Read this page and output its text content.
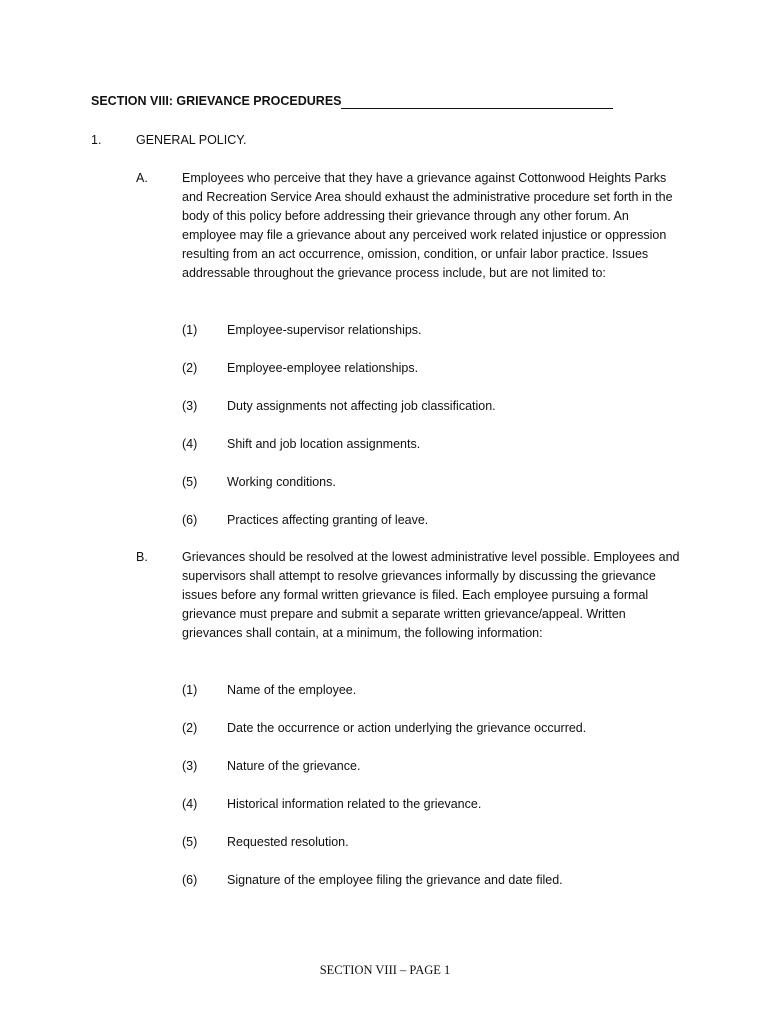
SECTION VIII: GRIEVANCE PROCEDURES
1.	GENERAL POLICY.
A.	Employees who perceive that they have a grievance against Cottonwood Heights Parks and Recreation Service Area should exhaust the administrative procedure set forth in the body of this policy before addressing their grievance through any other forum. An employee may file a grievance about any perceived work related injustice or oppression resulting from an act occurrence, omission, condition, or unfair labor practice. Issues addressable throughout the grievance process include, but are not limited to:
(1) Employee-supervisor relationships.
(2) Employee-employee relationships.
(3) Duty assignments not affecting job classification.
(4) Shift and job location assignments.
(5) Working conditions.
(6) Practices affecting granting of leave.
B.	Grievances should be resolved at the lowest administrative level possible. Employees and supervisors shall attempt to resolve grievances informally by discussing the grievance issues before any formal written grievance is filed. Each employee pursuing a formal grievance must prepare and submit a separate written grievance/appeal. Written grievances shall contain, at a minimum, the following information:
(1) Name of the employee.
(2) Date the occurrence or action underlying the grievance occurred.
(3) Nature of the grievance.
(4) Historical information related to the grievance.
(5) Requested resolution.
(6) Signature of the employee filing the grievance and date filed.
SECTION VIII – PAGE 1
